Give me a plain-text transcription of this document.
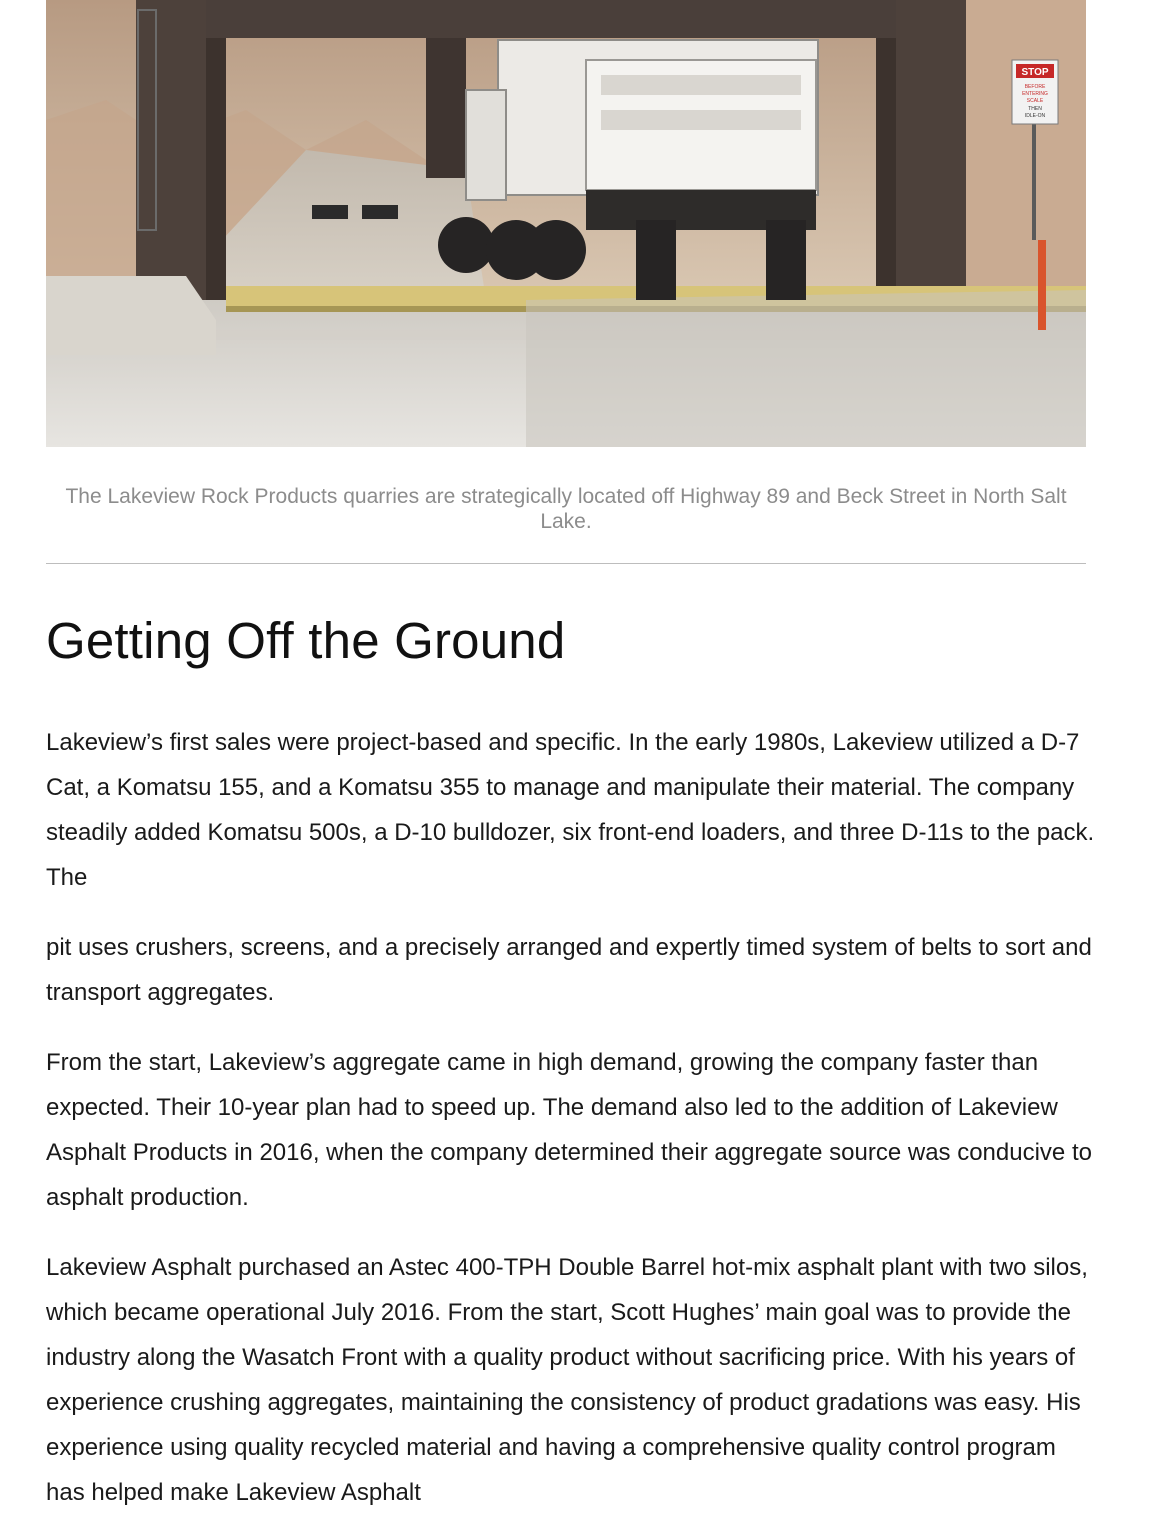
STOP
BEFORE
ENTERING
SCALE
THEN
IDLE-ON

The Lakeview Rock Products quarries are strategically located off Highway 89 and Beck Street in North Salt Lake.

Getting Off the Ground

Lakeview’s first sales were project-based and specific. In the early 1980s, Lakeview utilized a D-7 Cat, a Komatsu 155, and a Komatsu 355 to manage and manipulate their material. The company steadily added Komatsu 500s, a D-10 bulldozer, six front-end loaders, and three D-11s to the pack. The

pit uses crushers, screens, and a precisely arranged and expertly timed system of belts to sort and transport aggregates.

From the start, Lakeview’s aggregate came in high demand, growing the company faster than expected. Their 10-year plan had to speed up. The demand also led to the addition of Lakeview Asphalt Products in 2016, when the company determined their aggregate source was conducive to asphalt production.

Lakeview Asphalt purchased an Astec 400-TPH Double Barrel hot-mix asphalt plant with two silos, which became operational July 2016. From the start, Scott Hughes’ main goal was to provide the industry along the Wasatch Front with a quality product without sacrificing price. With his years of experience crushing aggregates, maintaining the consistency of product gradations was easy. His experience using quality recycled material and having a comprehensive quality control program has helped make Lakeview Asphalt
